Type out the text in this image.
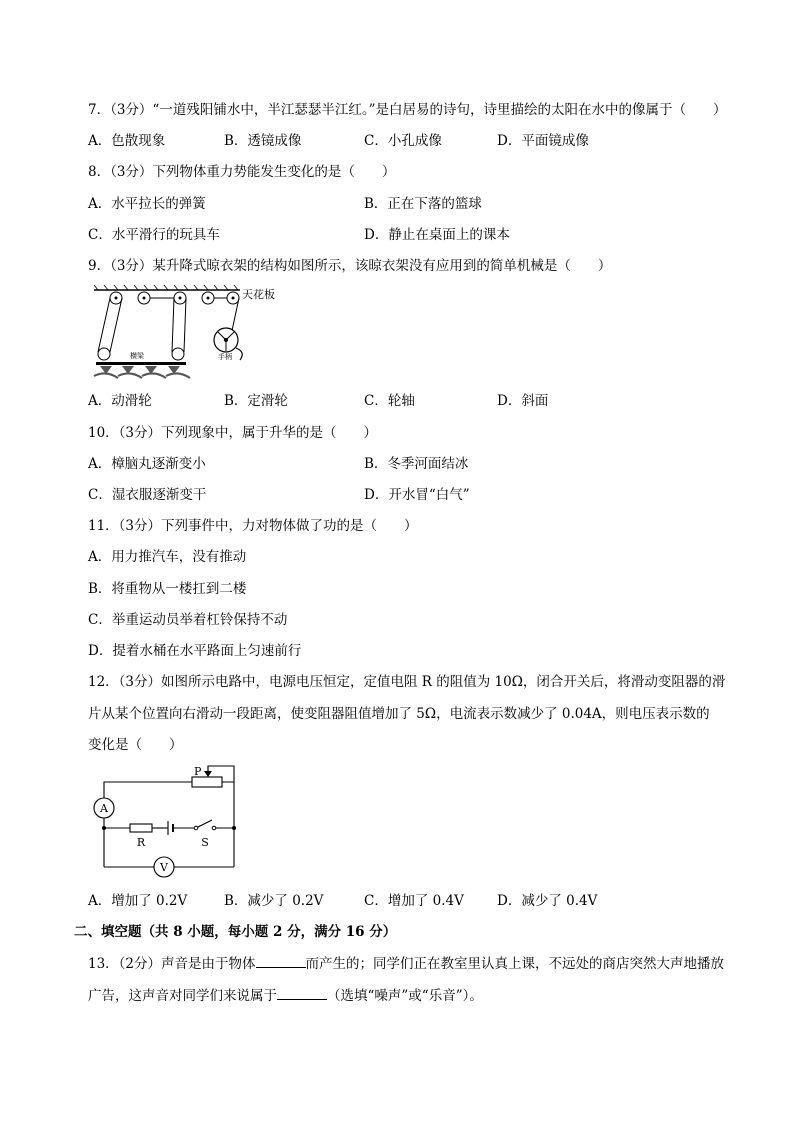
7．（3分）“一道残阳铺水中，半江瑟瑟半江红。”是白居易的诗句，诗里描绘的太阳在水中的像属于（　　）
A．色散现象	B．透镜成像	C．小孔成像	D．平面镜成像
8．（3分）下列物体重力势能发生变化的是（　　）
A．水平拉长的弹簧	B．正在下落的篮球
C．水平滑行的玩具车	D．静止在桌面上的课本
9．（3分）某升降式晾衣架的结构如图所示，该晾衣架没有应用到的简单机械是（　　）
横梁	手柄
天花板
A．动滑轮	B．定滑轮	C．轮轴	D．斜面
10．（3分）下列现象中，属于升华的是（　　）
A．樟脑丸逐渐变小	B．冬季河面结冰
C．湿衣服逐渐变干	D．开水冒“白气”
11．（3分）下列事件中，力对物体做了功的是（　　）
A．用力推汽车，没有推动
B．将重物从一楼扛到二楼
C．举重运动员举着杠铃保持不动
D．提着水桶在水平路面上匀速前行
12．（3分）如图所示电路中，电源电压恒定，定值电阻 R 的阻值为 10Ω，闭合开关后，将滑动变阻器的滑
片从某个位置向右滑动一段距离，使变阻器阻值增加了 5Ω，电流表示数减少了 0.04A，则电压表示数的
变化是（　　）
A
V
P
R	S
A．增加了 0.2V	B．减少了 0.2V	C．增加了 0.4V D．减少了 0.4V
二、填空题（共 8 小题，每小题 2 分，满分 16 分）
13．（2分）声音是由于物体	而产生的；同学们正在教室里认真上课，不远处的商店突然大声地播放
广告，这声音对同学们来说属于	（选填“噪声”或“乐音”）。
